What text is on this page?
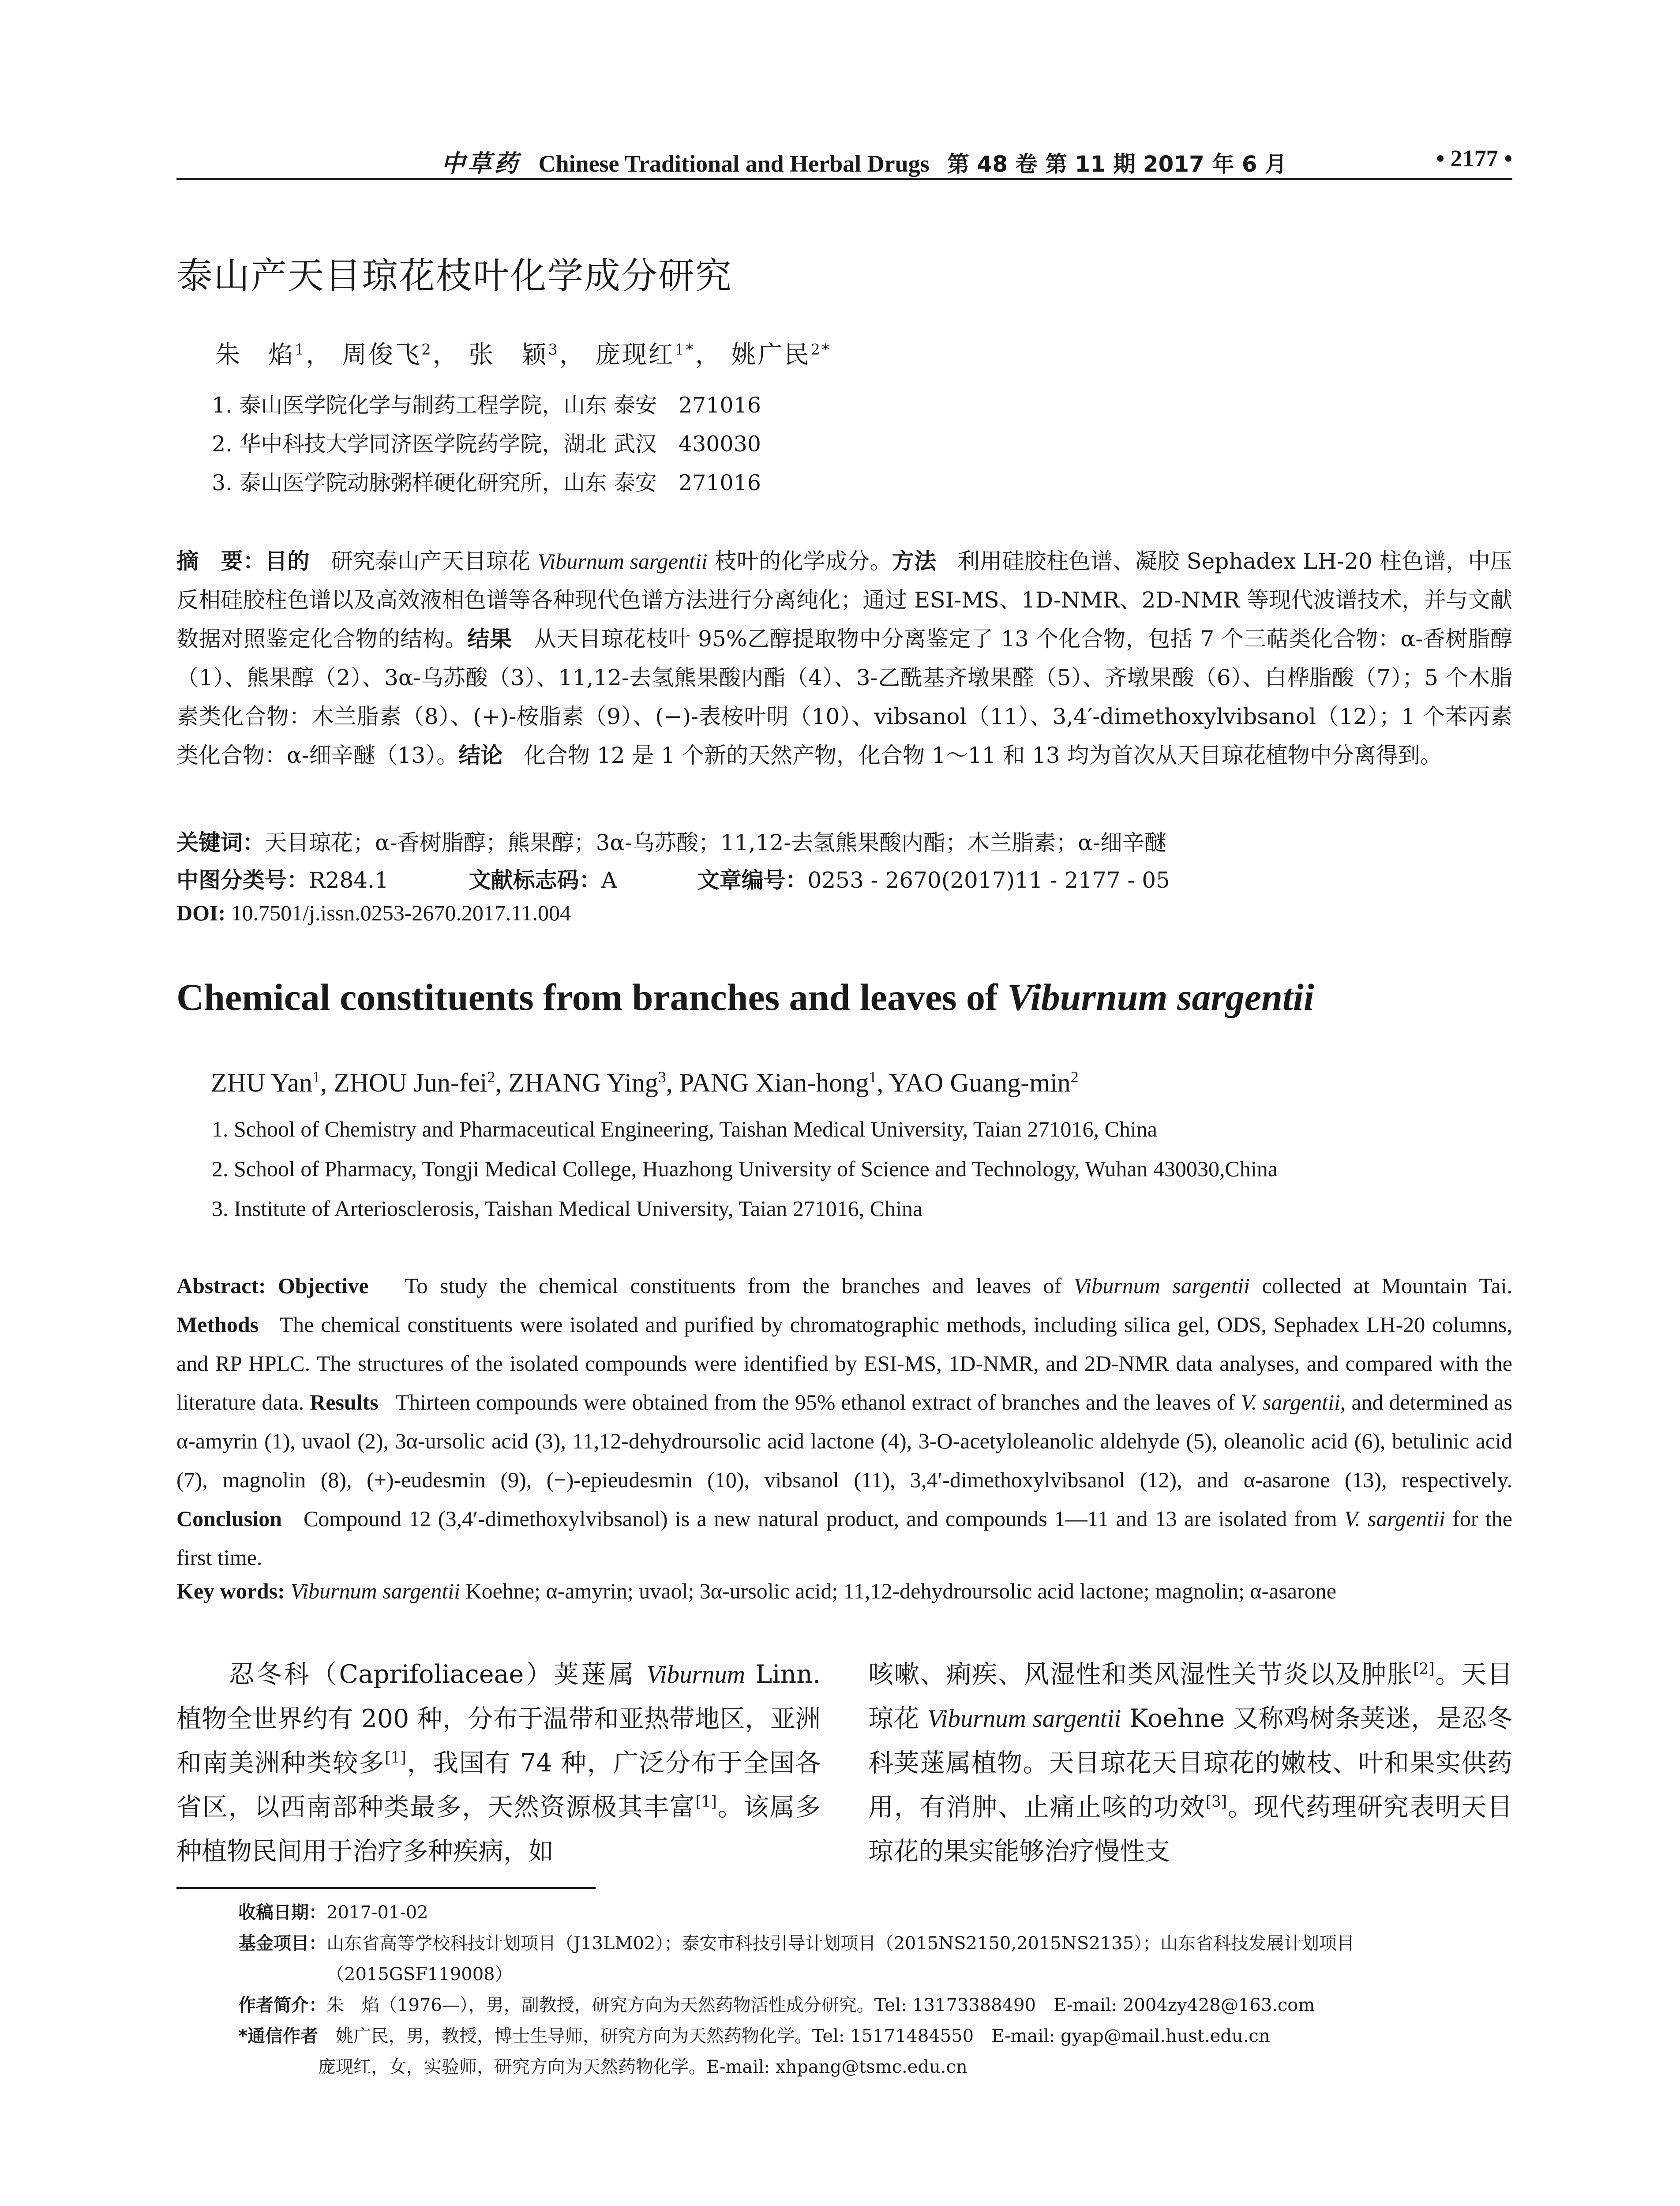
中草药 Chinese Traditional and Herbal Drugs 第 48 卷 第 11 期 2017 年 6 月	• 2177 •
泰山产天目琼花枝叶化学成分研究
朱　焰$^1$， 周俊飞$^2$， 张　颖$^3$， 庞现红$^{1*}$， 姚广民$^{2*}$
1. 泰山医学院化学与制药工程学院，山东 泰安　271016
2. 华中科技大学同济医学院药学院，湖北 武汉　430030
3. 泰山医学院动脉粥样硬化研究所，山东 泰安　271016
摘　要：目的 研究泰山产天目琼花 Viburnum sargentii 枝叶的化学成分。方法 利用硅胶柱色谱、凝胶 Sephadex LH-20 柱色谱，中压反相硅胶柱色谱以及高效液相色谱等各种现代色谱方法进行分离纯化；通过 ESI-MS、1D-NMR、2D-NMR 等现代波谱技术，并与文献数据对照鉴定化合物的结构。结果 从天目琼花枝叶 95%乙醇提取物中分离鉴定了 13 个化合物，包括 7 个三萜类化合物：α-香树脂醇（1）、熊果醇（2）、3α-乌苏酸（3）、11,12-去氢熊果酸内酯（4）、3-乙酰基齐墩果醛（5）、齐墩果酸（6）、白桦脂酸（7）；5 个木脂素类化合物：木兰脂素（8）、(+)-桉脂素（9）、(−)-表桉叶明（10）、vibsanol（11）、3,4′-dimethoxylvibsanol（12）；1 个苯丙素类化合物：α-细辛醚（13）。结论 化合物 12 是 1 个新的天然产物，化合物 1～11 和 13 均为首次从天目琼花植物中分离得到。
关键词：天目琼花；α-香树脂醇；熊果醇；3α-乌苏酸；11,12-去氢熊果酸内酯；木兰脂素；α-细辛醚
中图分类号：R284.1	文献标志码：A	文章编号：0253 - 2670(2017)11 - 2177 - 05
DOI: 10.7501/j.issn.0253-2670.2017.11.004
Chemical constituents from branches and leaves of Viburnum sargentii
ZHU Yan$^1$, ZHOU Jun-fei$^2$, ZHANG Ying$^3$, PANG Xian-hong$^1$, YAO Guang-$\min^2$
1. School of Chemistry and Pharmaceutical Engineering, Taishan Medical University, Taian 271016, China
2. School of Pharmacy, Tongji Medical College, Huazhong University of Science and Technology, Wuhan 430030,China
3. Institute of Arteriosclerosis, Taishan Medical University, Taian 271016, China
Abstract: Objective To study the chemical constituents from the branches and leaves of Viburnum sargentii collected at Mountain Tai. Methods The chemical constituents were isolated and purified by chromatographic methods, including silica gel, ODS, Sephadex LH-20 columns, and RP HPLC. The structures of the isolated compounds were identified by ESI-MS, 1D-NMR, and 2D-NMR data analyses, and compared with the literature data. Results Thirteen compounds were obtained from the 95% ethanol extract of branches and the leaves of V. sargentii, and determined as α-amyrin (1), uvaol (2), 3α-ursolic acid (3), 11,12-dehydroursolic acid lactone (4), 3-O-acetyloleanolic aldehyde (5), oleanolic acid (6), betulinic acid (7), magnolin (8), (+)-eudesmin (9), (−)-epieudesmin (10), vibsanol (11), 3,4′-dimethoxylvibsanol (12), and α-asarone (13), respectively. Conclusion Compound 12 (3,4′-dimethoxylvibsanol) is a new natural product, and compounds 1—11 and 13 are isolated from V. sargentii for the first time.
Key words: Viburnum sargentii Koehne; α-amyrin; uvaol; 3α-ursolic acid; 11,12-dehydroursolic acid lactone; magnolin; α-asarone
忍冬科（Caprifoliaceae）荚蒾属 Viburnum Linn. 植物全世界约有 200 种，分布于温带和亚热带地区，亚洲和南美洲种类较多[1]，我国有 74 种，广泛分布于全国各省区，以西南部种类最多，天然资源极其丰富[1]。该属多种植物民间用于治疗多种疾病，如
咳嗽、痢疾、风湿性和类风湿性关节炎以及肿胀[2]。天目琼花 Viburnum sargentii Koehne 又称鸡树条荚迷，是忍冬科荚蒾属植物。天目琼花天目琼花的嫩枝、叶和果实供药用，有消肿、止痛止咳的功效[3]。现代药理研究表明天目琼花的果实能够治疗慢性支
收稿日期： 2017-01-02
基金项目： 山东省高等学校科技计划项目（J13LM02）；泰安市科技引导计划项目（2015NS2150,2015NS2135）；山东省科技发展计划项目（2015GSF119008）
作者简介： 朱　焰（1976—），男，副教授，研究方向为天然药物活性成分研究。Tel: 13173388490　E-mail: 2004zy428@163.com
*通信作者 　姚广民，男，教授，博士生导师，研究方向为天然药物化学。Tel: 15171484550　E-mail: gyap@mail.hust.edu.cn
庞现红，女，实验师，研究方向为天然药物化学。E-mail: xhpang@tsmc.edu.cn
